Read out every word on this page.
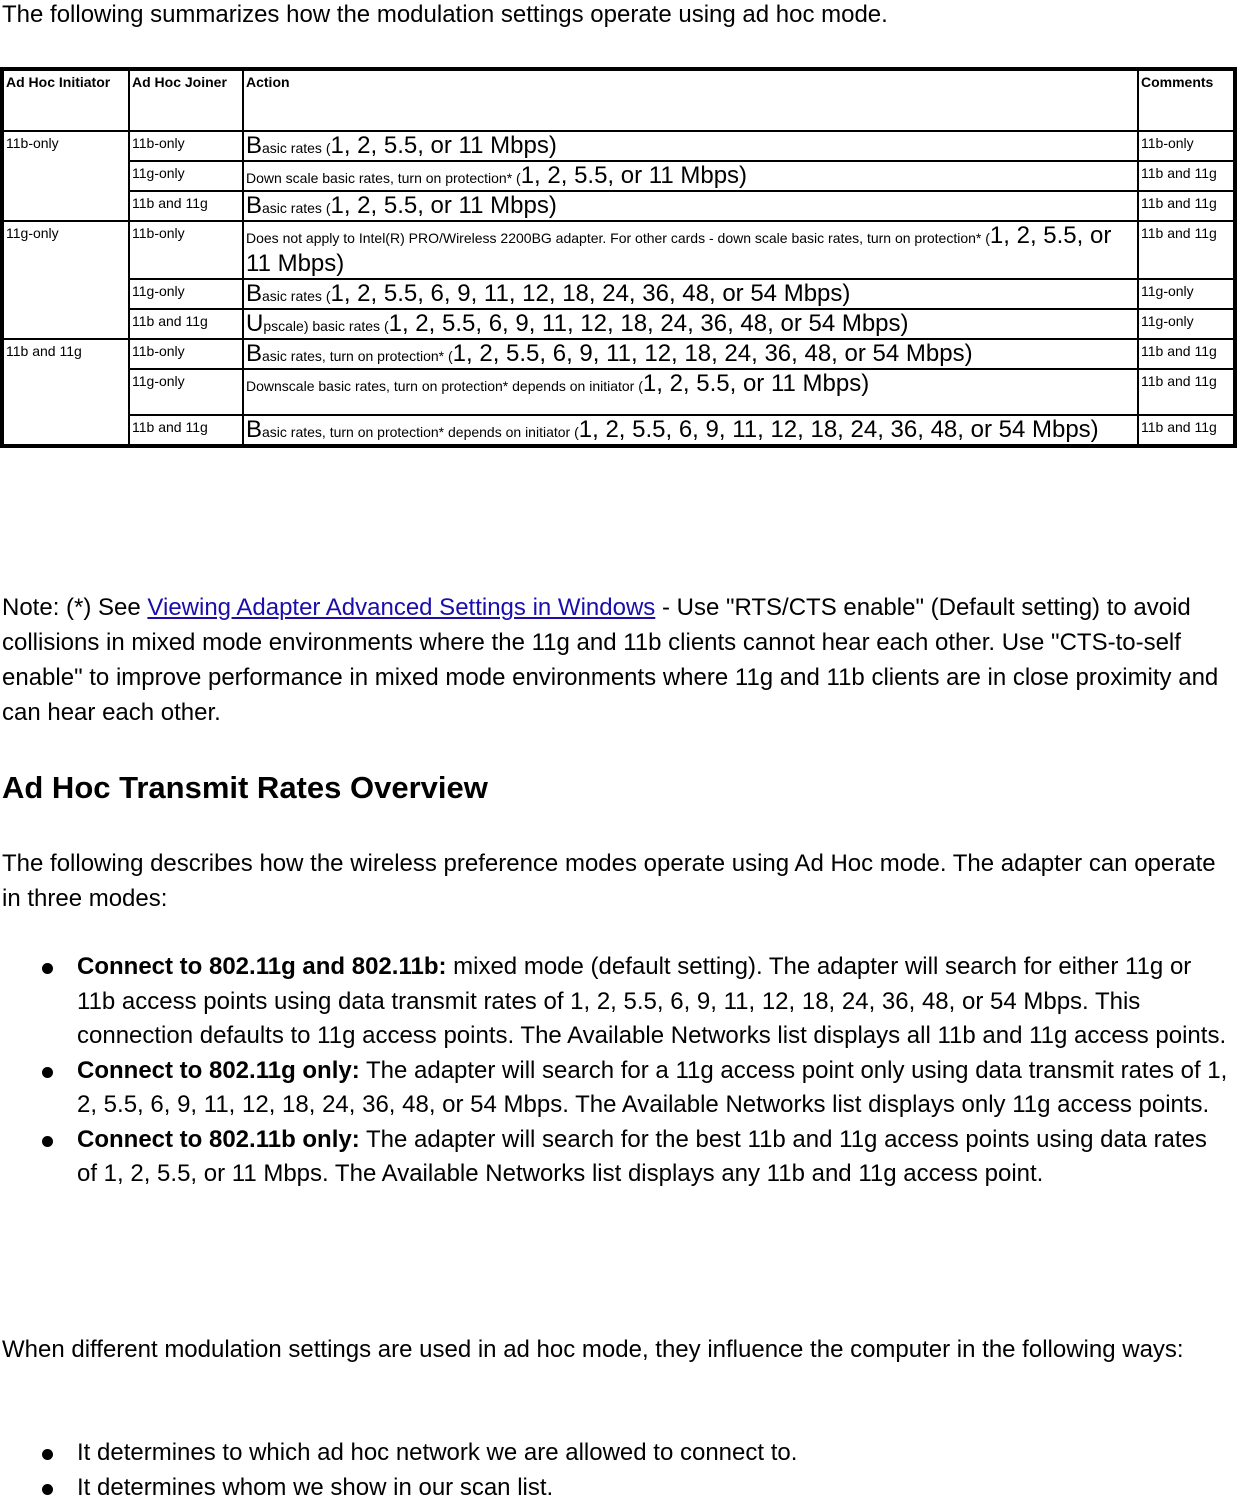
The following summarizes how the modulation settings operate using ad hoc mode.

Ad Hoc Initiator	Ad Hoc Joiner	Action	Comments
11b-only	11b-only	Basic rates (1, 2, 5.5, or 11 Mbps)	11b-only
	11g-only	Down scale basic rates, turn on protection* (1, 2, 5.5, or 11 Mbps)	11b and 11g
	11b and 11g	Basic rates (1, 2, 5.5, or 11 Mbps)	11b and 11g
11g-only	11b-only	Does not apply to Intel(R) PRO/Wireless 2200BG adapter. For other cards - down scale basic rates, turn on protection* (1, 2, 5.5, or 11 Mbps)	11b and 11g
	11g-only	Basic rates (1, 2, 5.5, 6, 9, 11, 12, 18, 24, 36, 48, or 54 Mbps)	11g-only
	11b and 11g	Upscale) basic rates (1, 2, 5.5, 6, 9, 11, 12, 18, 24, 36, 48, or 54 Mbps)	11g-only
11b and 11g	11b-only	Basic rates, turn on protection* (1, 2, 5.5, 6, 9, 11, 12, 18, 24, 36, 48, or 54 Mbps)	11b and 11g
	11g-only	Downscale basic rates, turn on protection* depends on initiator (1, 2, 5.5, or 11 Mbps)	11b and 11g
	11b and 11g	Basic rates, turn on protection* depends on initiator (1, 2, 5.5, 6, 9, 11, 12, 18, 24, 36, 48, or 54 Mbps)	11b and 11g

Note: (*) See Viewing Adapter Advanced Settings in Windows - Use "RTS/CTS enable" (Default setting) to avoid collisions in mixed mode environments where the 11g and 11b clients cannot hear each other. Use "CTS-to-self enable" to improve performance in mixed mode environments where 11g and 11b clients are in close proximity and can hear each other.

Ad Hoc Transmit Rates Overview

The following describes how the wireless preference modes operate using Ad Hoc mode. The adapter can operate in three modes:

Connect to 802.11g and 802.11b: mixed mode (default setting). The adapter will search for either 11g or 11b access points using data transmit rates of 1, 2, 5.5, 6, 9, 11, 12, 18, 24, 36, 48, or 54 Mbps. This connection defaults to 11g access points. The Available Networks list displays all 11b and 11g access points.
Connect to 802.11g only: The adapter will search for a 11g access point only using data transmit rates of 1, 2, 5.5, 6, 9, 11, 12, 18, 24, 36, 48, or 54 Mbps. The Available Networks list displays only 11g access points.
Connect to 802.11b only: The adapter will search for the best 11b and 11g access points using data rates of 1, 2, 5.5, or 11 Mbps. The Available Networks list displays any 11b and 11g access point.

When different modulation settings are used in ad hoc mode, they influence the computer in the following ways:

It determines to which ad hoc network we are allowed to connect to.
It determines whom we show in our scan list.
